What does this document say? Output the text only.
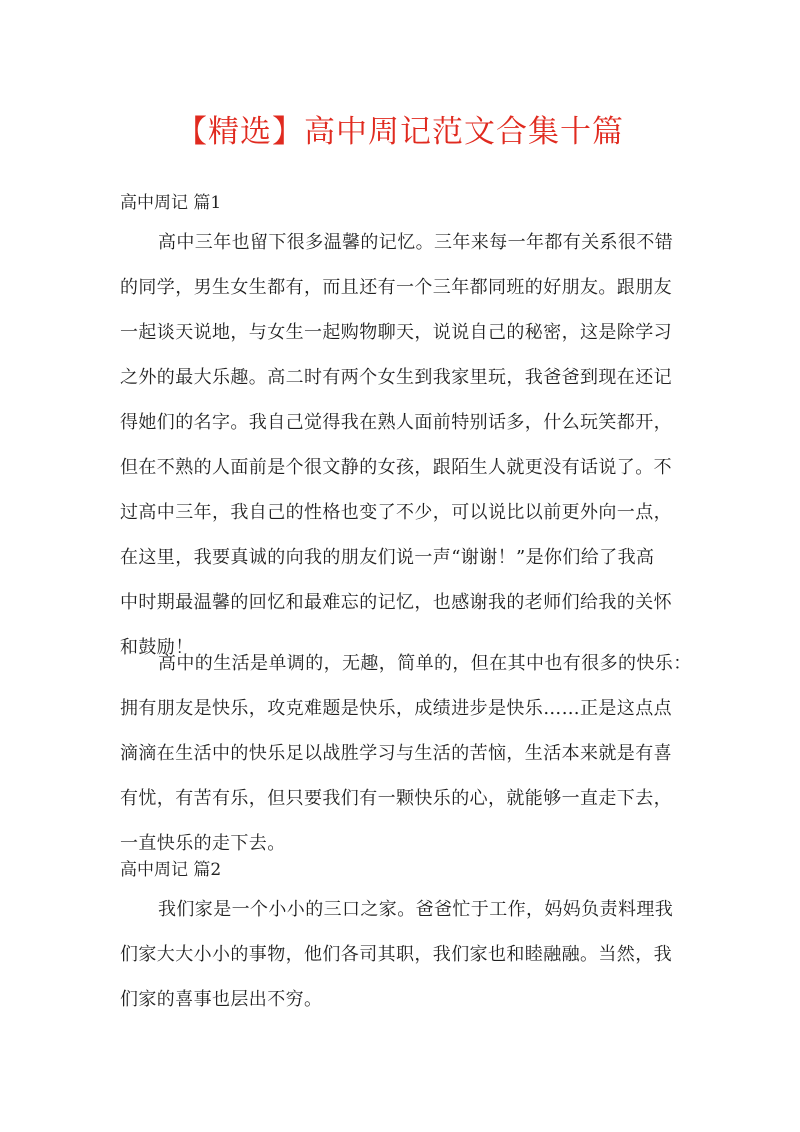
【精选】高中周记范文合集十篇
高中周记 篇1
高中三年也留下很多温馨的记忆。三年来每一年都有关系很不错
的同学，男生女生都有，而且还有一个三年都同班的好朋友。跟朋友
一起谈天说地，与女生一起购物聊天，说说自己的秘密，这是除学习
之外的最大乐趣。高二时有两个女生到我家里玩，我爸爸到现在还记
得她们的名字。我自己觉得我在熟人面前特别话多，什么玩笑都开，
但在不熟的人面前是个很文静的女孩，跟陌生人就更没有话说了。不
过高中三年，我自己的性格也变了不少，可以说比以前更外向一点，
在这里，我要真诚的向我的朋友们说一声“谢谢！”是你们给了我高
中时期最温馨的回忆和最难忘的记忆，也感谢我的老师们给我的关怀
和鼓励！
高中的生活是单调的，无趣，简单的，但在其中也有很多的快乐：
拥有朋友是快乐，攻克难题是快乐，成绩进步是快乐……正是这点点
滴滴在生活中的快乐足以战胜学习与生活的苦恼，生活本来就是有喜
有忧，有苦有乐，但只要我们有一颗快乐的心，就能够一直走下去，
一直快乐的走下去。
高中周记 篇2
我们家是一个小小的三口之家。爸爸忙于工作，妈妈负责料理我
们家大大小小的事物，他们各司其职，我们家也和睦融融。当然，我
们家的喜事也层出不穷。
